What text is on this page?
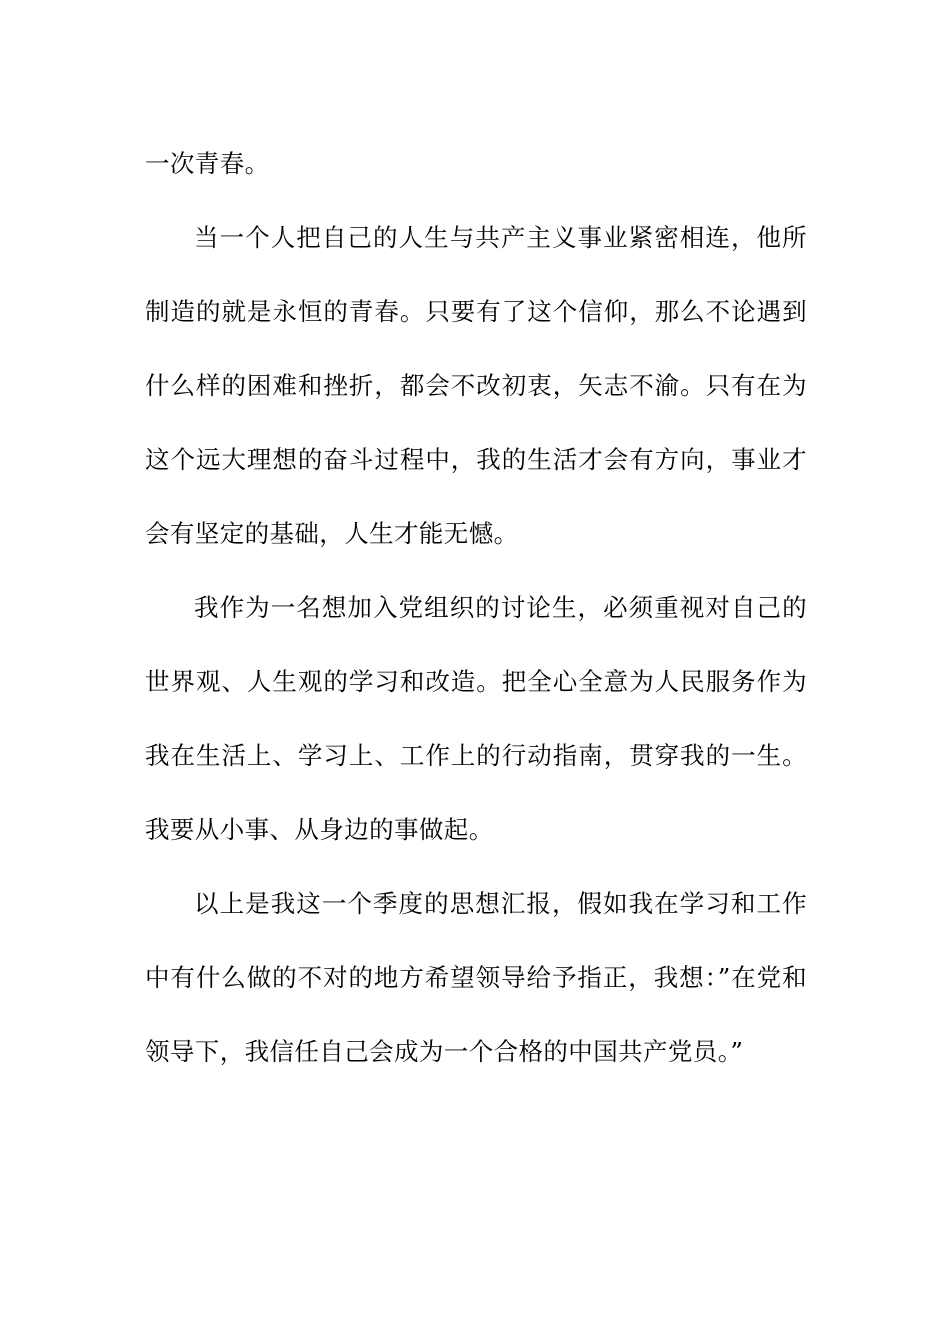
一次青春。

当一个人把自己的人生与共产主义事业紧密相连，他所制造的就是永恒的青春。只要有了这个信仰，那么不论遇到什么样的困难和挫折，都会不改初衷，矢志不渝。只有在为这个远大理想的奋斗过程中，我的生活才会有方向，事业才会有坚定的基础，人生才能无憾。

我作为一名想加入党组织的讨论生，必须重视对自己的世界观、人生观的学习和改造。把全心全意为人民服务作为我在生活上、学习上、工作上的行动指南，贯穿我的一生。我要从小事、从身边的事做起。

以上是我这一个季度的思想汇报，假如我在学习和工作中有什么做的不对的地方希望领导给予指正，我想：”在党和领导下，我信任自己会成为一个合格的中国共产党员。”
